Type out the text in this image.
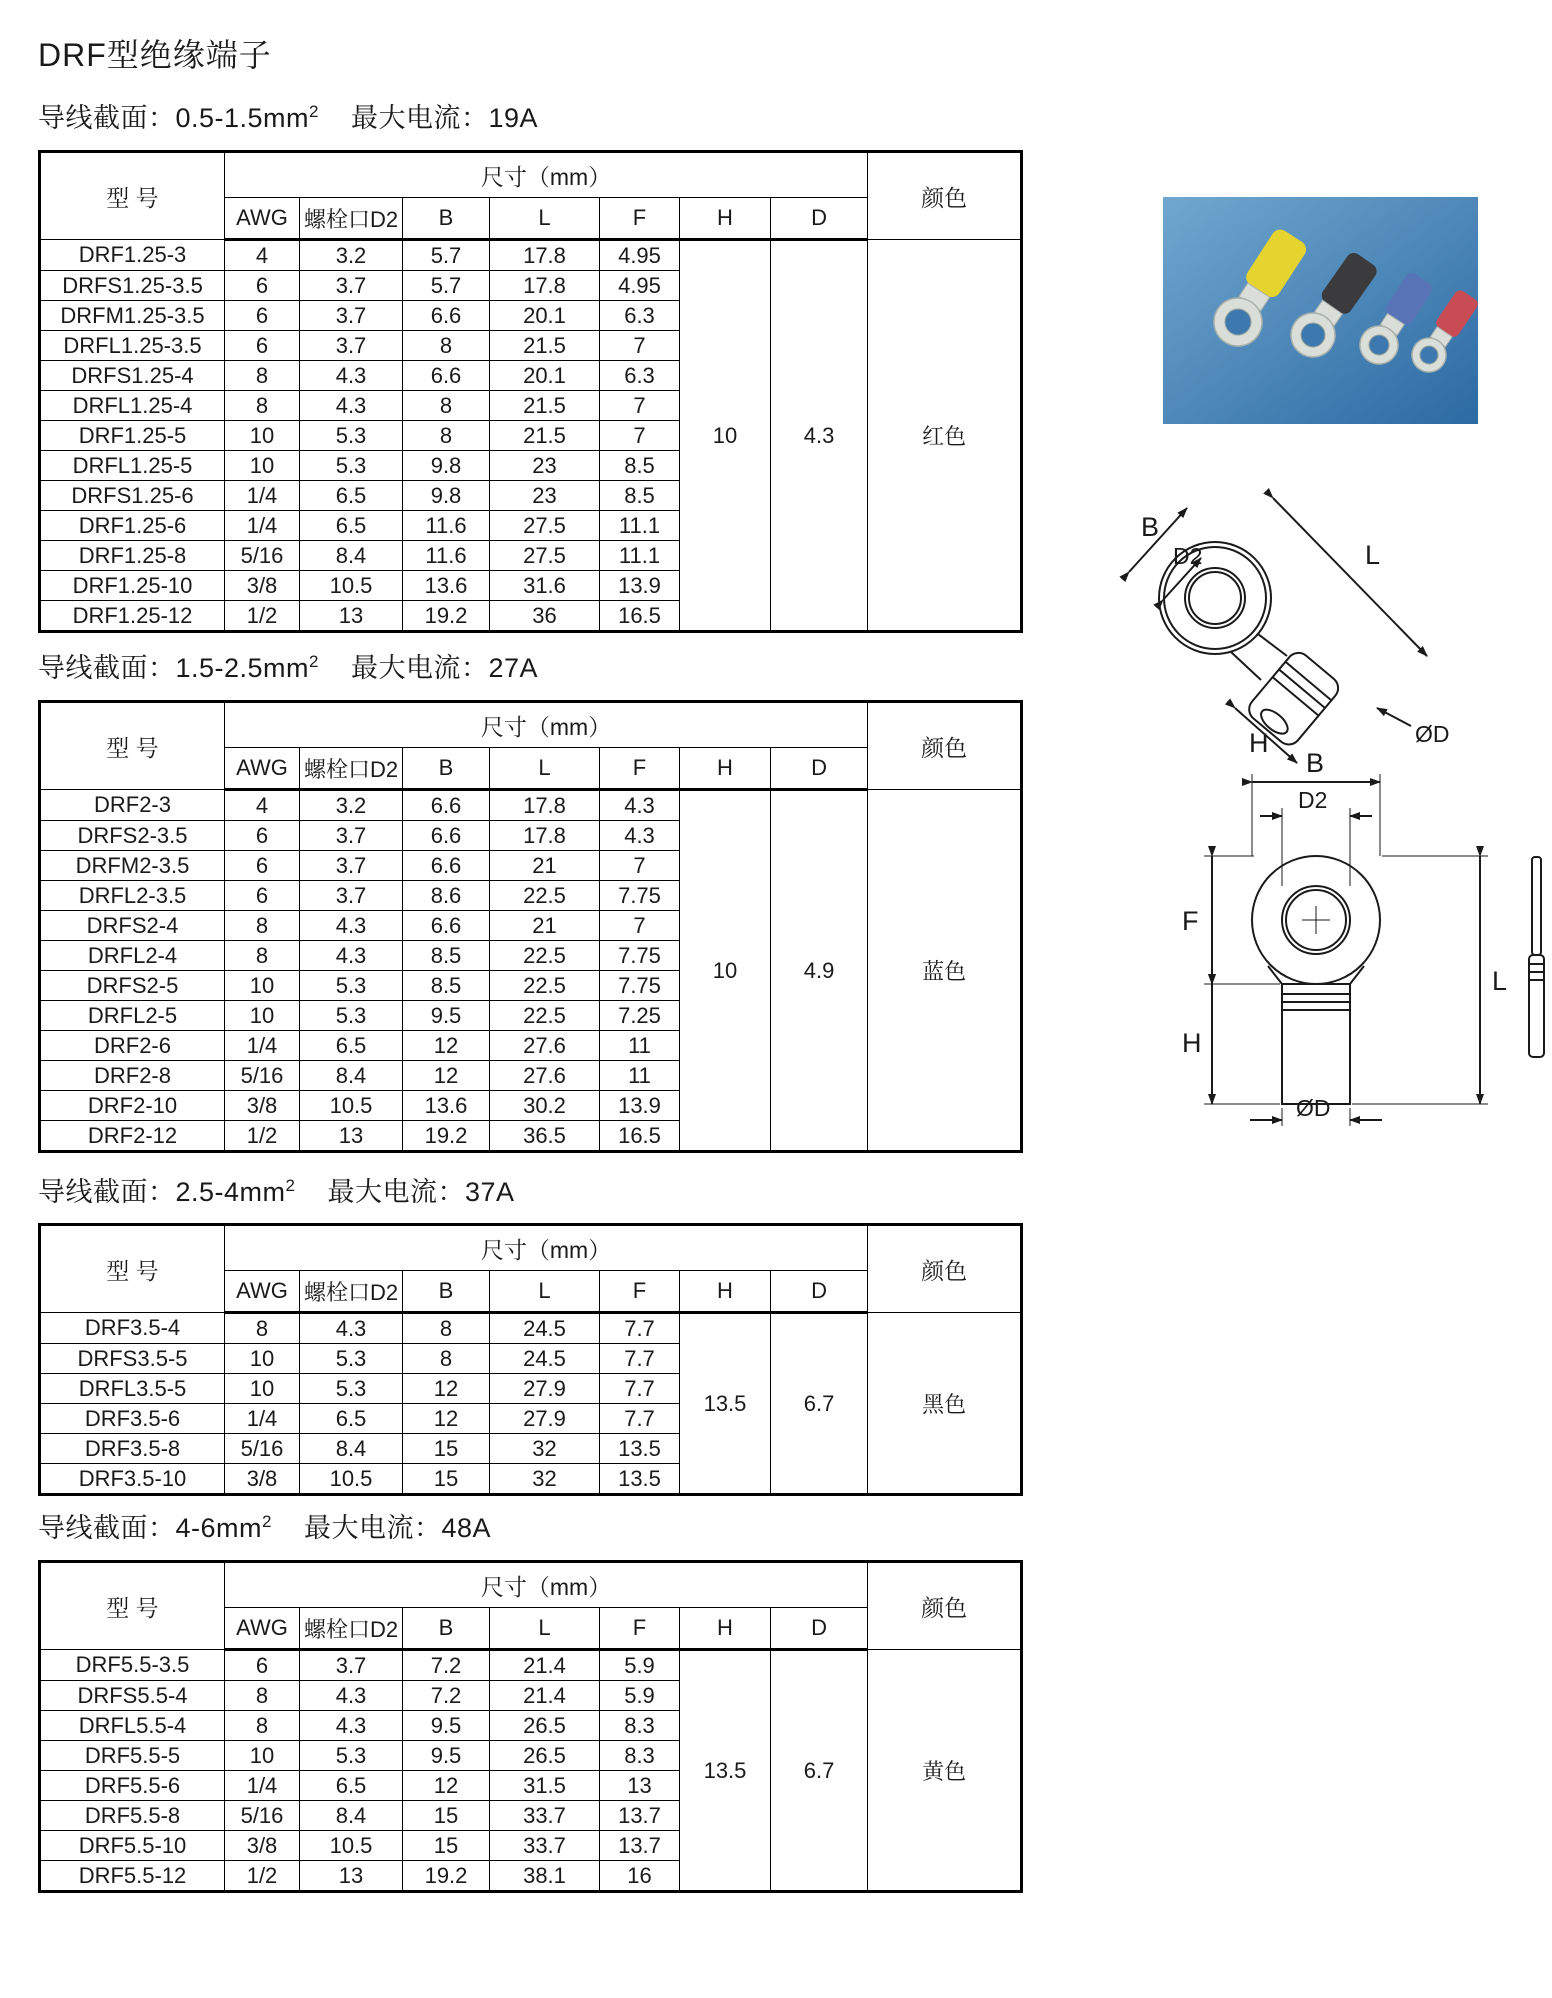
DRF型绝缘端子
导线截面：$0.5-1.5mm^2$ 最大电流：19A
导线截面：$1.5-2.5mm^2$ 最大电流：27A
导线截面：$2.5-4mm^2$ 最大电流：37A
导线截面：$4-6mm^2$ 最大电流：48A
型 号	尺寸（mm）							颜色
	AWG	螺栓口D2	B	L	F	H	D	
DRF1.25-3	4	3.2	5.7	17.8	4.95	10	4.3	红色
DRFS1.25-3.5	6	3.7	5.7	17.8	4.95			
DRFM1.25-3.5	6	3.7	6.6	20.1	6.3			
DRFL1.25-3.5	6	3.7	8	21.5	7			
DRFS1.25-4	8	4.3	6.6	20.1	6.3			
DRFL1.25-4	8	4.3	8	21.5	7			
DRF1.25-5	10	5.3	8	21.5	7			
DRFL1.25-5	10	5.3	9.8	23	8.5			
DRFS1.25-6	1/4	6.5	9.8	23	8.5			
DRF1.25-6	1/4	6.5	11.6	27.5	11.1			
DRF1.25-8	5/16	8.4	11.6	27.5	11.1			
DRF1.25-10	3/8	10.5	13.6	31.6	13.9			
DRF1.25-12	1/2	13	19.2	36	16.5			
型 号	尺寸（mm）							颜色
	AWG	螺栓口D2	B	L	F	H	D	
DRF2-3	4	3.2	6.6	17.8	4.3	10	4.9	蓝色
DRFS2-3.5	6	3.7	6.6	17.8	4.3			
DRFM2-3.5	6	3.7	6.6	21	7			
DRFL2-3.5	6	3.7	8.6	22.5	7.75			
DRFS2-4	8	4.3	6.6	21	7			
DRFL2-4	8	4.3	8.5	22.5	7.75			
DRFS2-5	10	5.3	8.5	22.5	7.75			
DRFL2-5	10	5.3	9.5	22.5	7.25			
DRF2-6	1/4	6.5	12	27.6	11			
DRF2-8	5/16	8.4	12	27.6	11			
DRF2-10	3/8	10.5	13.6	30.2	13.9			
DRF2-12	1/2	13	19.2	36.5	16.5			
型 号	尺寸（mm）							颜色
	AWG	螺栓口D2	B	L	F	H	D	
DRF3.5-4	8	4.3	8	24.5	7.7	13.5	6.7	黑色
DRFS3.5-5	10	5.3	8	24.5	7.7			
DRFL3.5-5	10	5.3	12	27.9	7.7			
DRF3.5-6	1/4	6.5	12	27.9	7.7			
DRF3.5-8	5/16	8.4	15	32	13.5			
DRF3.5-10	3/8	10.5	15	32	13.5			
型 号	尺寸（mm）							颜色
	AWG	螺栓口D2	B	L	F	H	D	
DRF5.5-3.5	6	3.7	7.2	21.4	5.9	13.5	6.7	黄色
DRFS5.5-4	8	4.3	7.2	21.4	5.9			
DRFL5.5-4	8	4.3	9.5	26.5	8.3			
DRF5.5-5	10	5.3	9.5	26.5	8.3			
DRF5.5-6	1/4	6.5	12	31.5	13			
DRF5.5-8	5/16	8.4	15	33.7	13.7			
DRF5.5-10	3/8	10.5	15	33.7	13.7			
DRF5.5-12	1/2	13	19.2	38.1	16			
B
D2	L
H	ØD
B
D2
F
H
L
ØD
